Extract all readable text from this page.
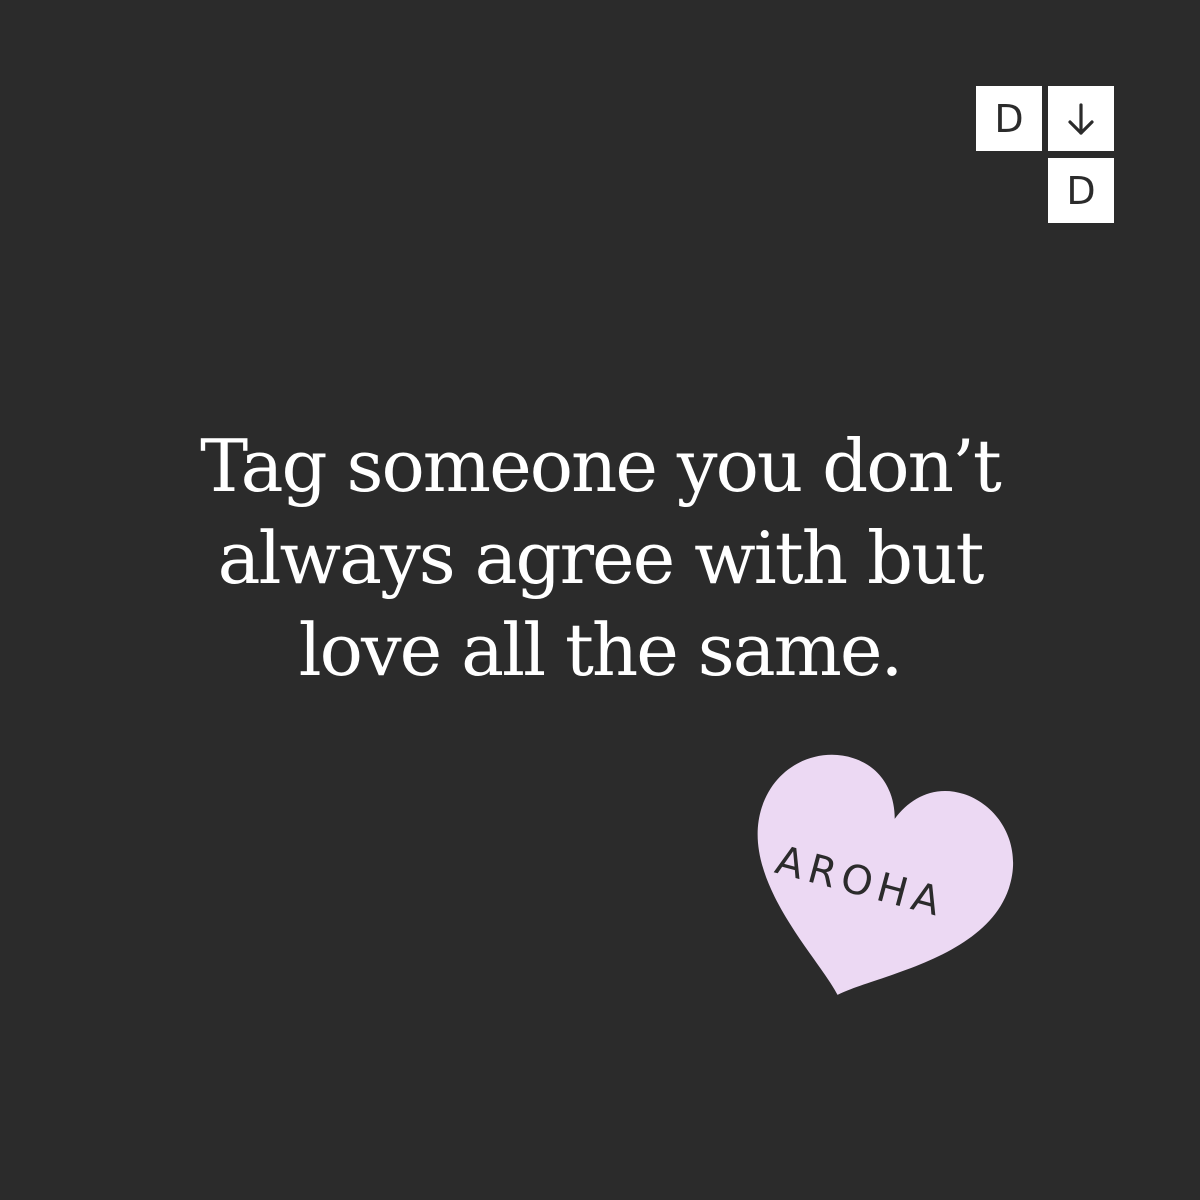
D
D
Tag someone you don’t
always agree with but
love all the same.
AROHA
